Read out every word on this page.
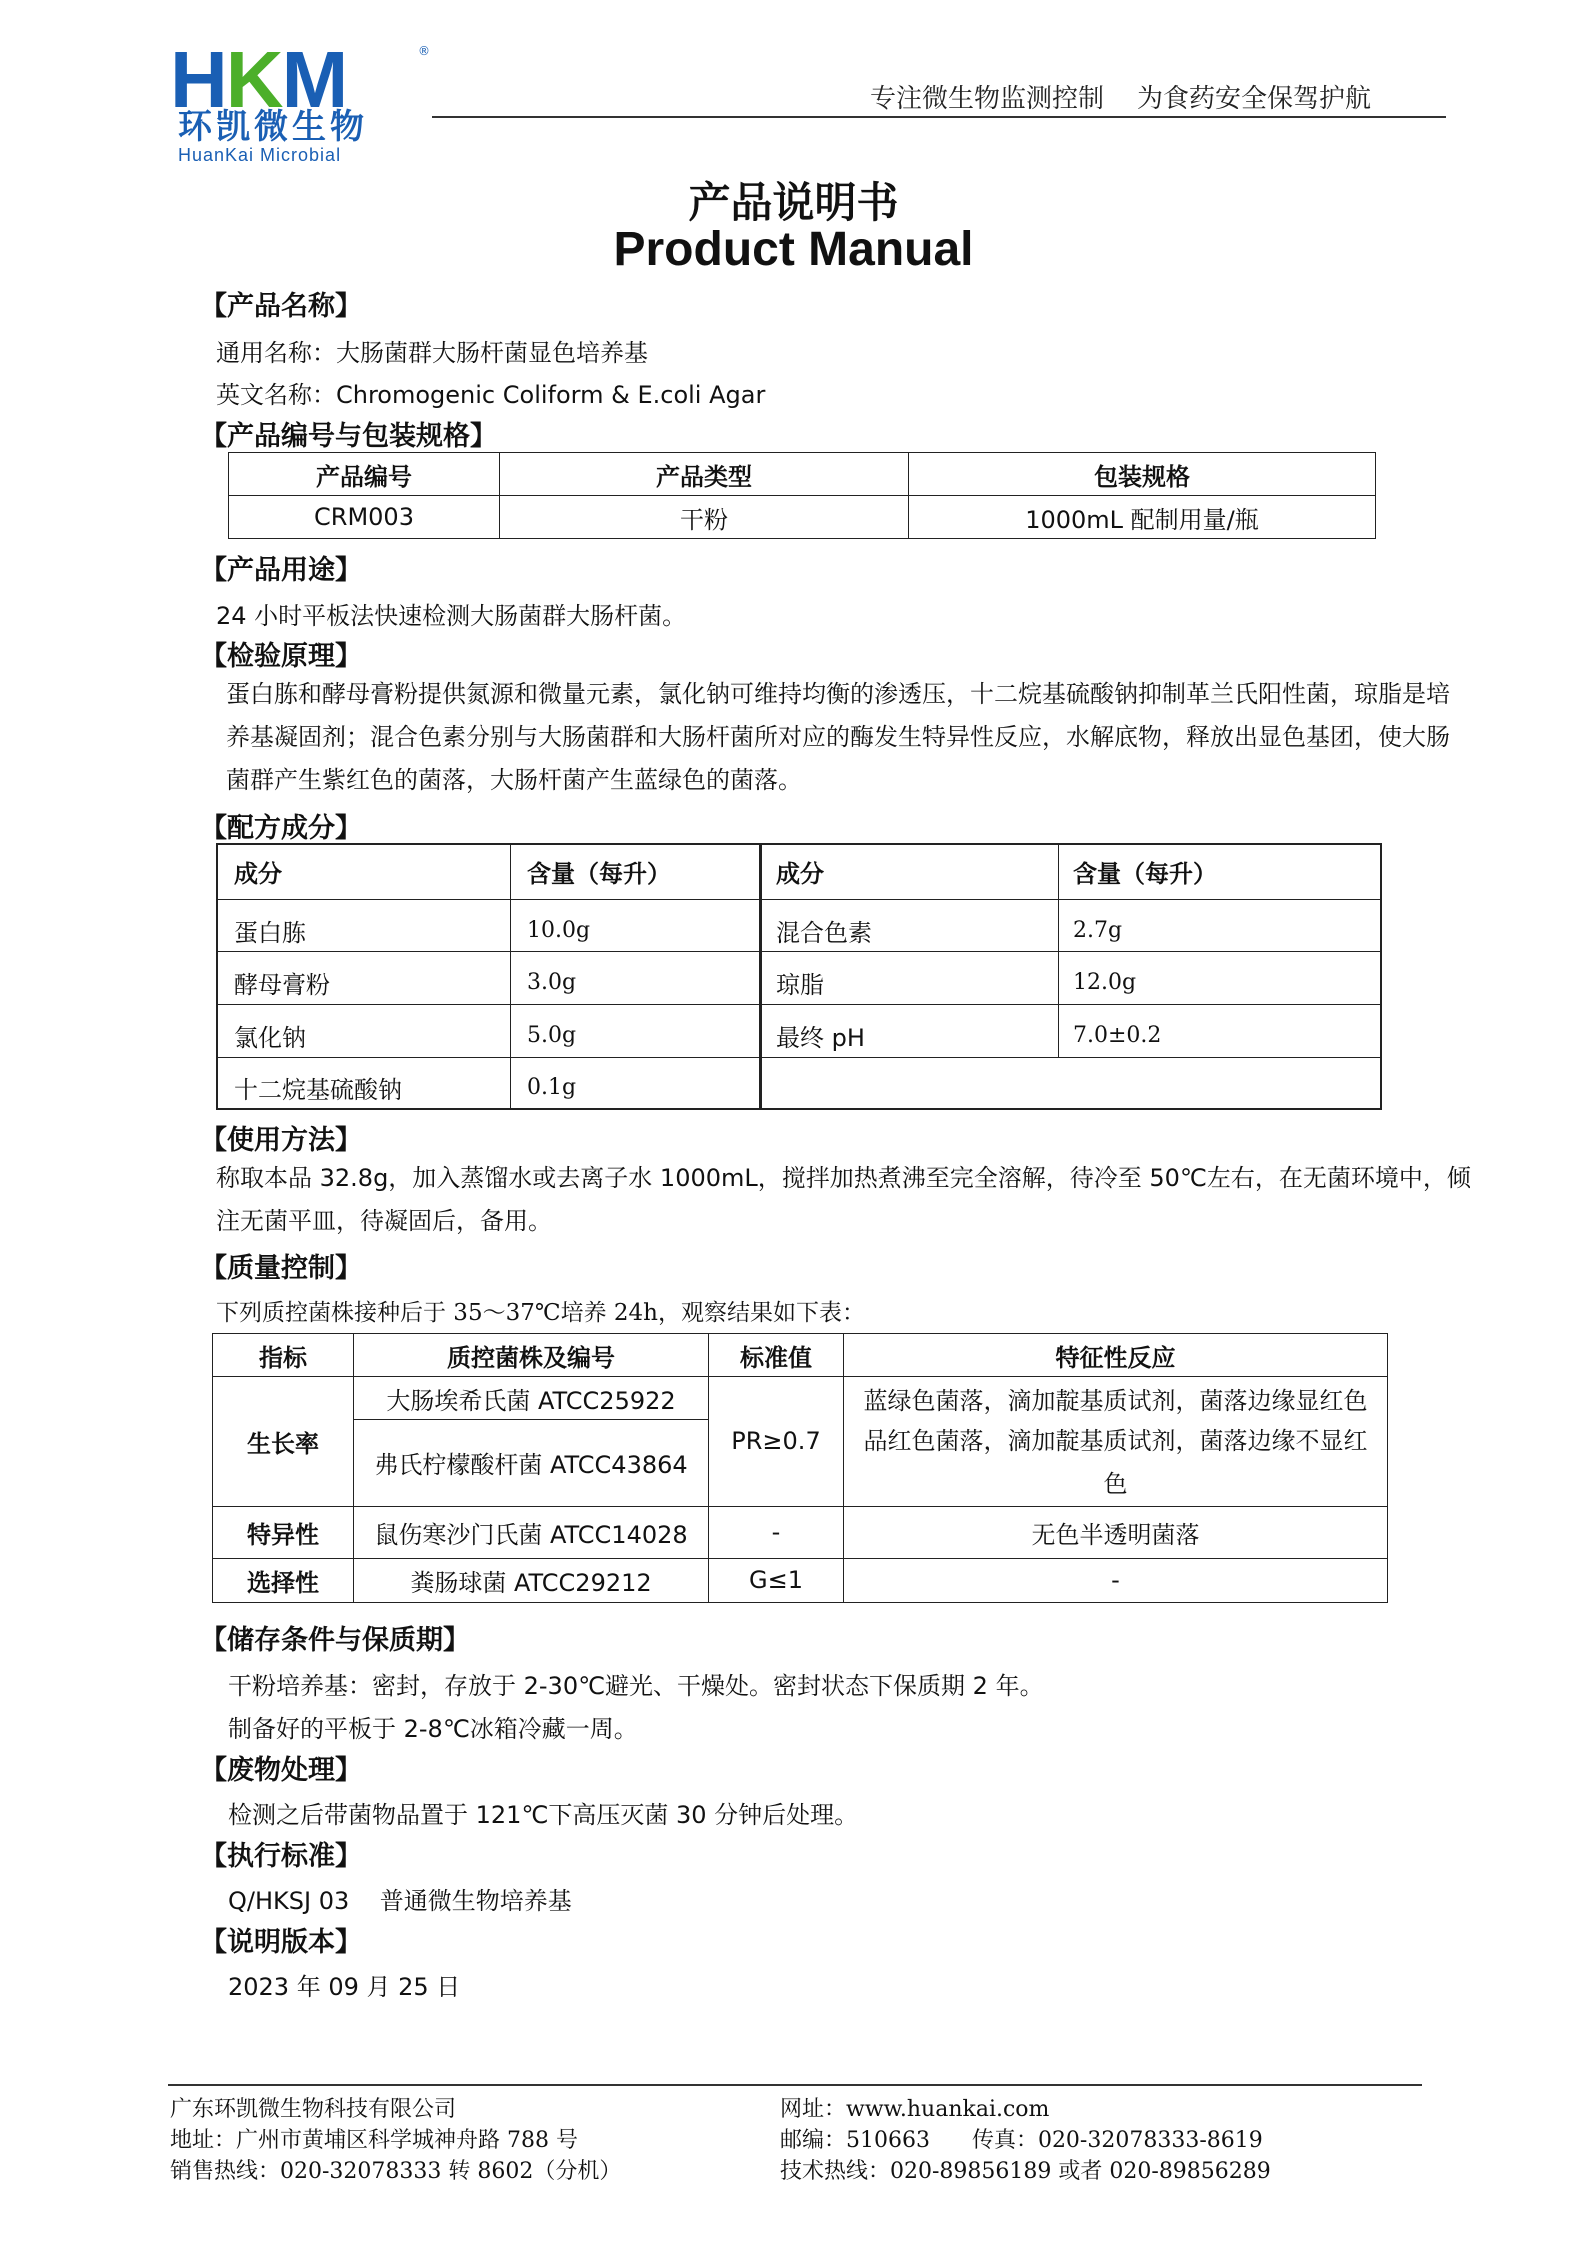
HKM	®
环凯微生物
HuanKai Microbial
专注微生物监测控制    为食药安全保驾护航
产品说明书
Product Manual
【产品名称】
通用名称：大肠菌群大肠杆菌显色培养基
英文名称：Chromogenic Coliform & E.coli Agar
【产品编号与包装规格】
产品编号	产品类型	包装规格
CRM003	干粉	1000mL 配制用量/瓶
【产品用途】
24 小时平板法快速检测大肠菌群大肠杆菌。
【检验原理】
蛋白胨和酵母膏粉提供氮源和微量元素，氯化钠可维持均衡的渗透压，十二烷基硫酸钠抑制革兰氏阳性菌，琼脂是培
养基凝固剂；混合色素分别与大肠菌群和大肠杆菌所对应的酶发生特异性反应，水解底物，释放出显色基团，使大肠
菌群产生紫红色的菌落，大肠杆菌产生蓝绿色的菌落。
【配方成分】
成分	含量（每升）	成分	含量（每升）
蛋白胨	10.0g	混合色素	2.7g
酵母膏粉	3.0g	琼脂	12.0g
氯化钠	5.0g	最终 pH	7.0±0.2
十二烷基硫酸钠	0.1g		
【使用方法】
称取本品 32.8g，加入蒸馏水或去离子水 1000mL，搅拌加热煮沸至完全溶解，待冷至 50℃左右，在无菌环境中，倾
注无菌平皿，待凝固后，备用。
【质量控制】
下列质控菌株接种后于 35～37℃培养 24h，观察结果如下表：
指标	质控菌株及编号	标准值	特征性反应
生长率	大肠埃希氏菌 ATCC25922	PR≥0.7	蓝绿色菌落，滴加靛基质试剂，菌落边缘显红色
	弗氏柠檬酸杆菌 ATCC43864		品红色菌落，滴加靛基质试剂，菌落边缘不显红
色

特异性	鼠伤寒沙门氏菌 ATCC14028	-	无色半透明菌落
选择性	粪肠球菌 ATCC29212	G≤1	-
【储存条件与保质期】
干粉培养基：密封，存放于 2-30℃避光、干燥处。密封状态下保质期 2 年。
制备好的平板于 2-8℃冰箱冷藏一周。
【废物处理】
检测之后带菌物品置于 121℃下高压灭菌 30 分钟后处理。
【执行标准】
Q/HKSJ 03    普通微生物培养基
【说明版本】
2023 年 09 月 25 日
广东环凯微生物科技有限公司
地址：广州市黄埔区科学城神舟路 788 号
销售热线：020-32078333 转 8602（分机）
网址：www.huankai.com
邮编：510663      传真：020-32078333-8619
技术热线：020-89856189 或者 020-89856289
